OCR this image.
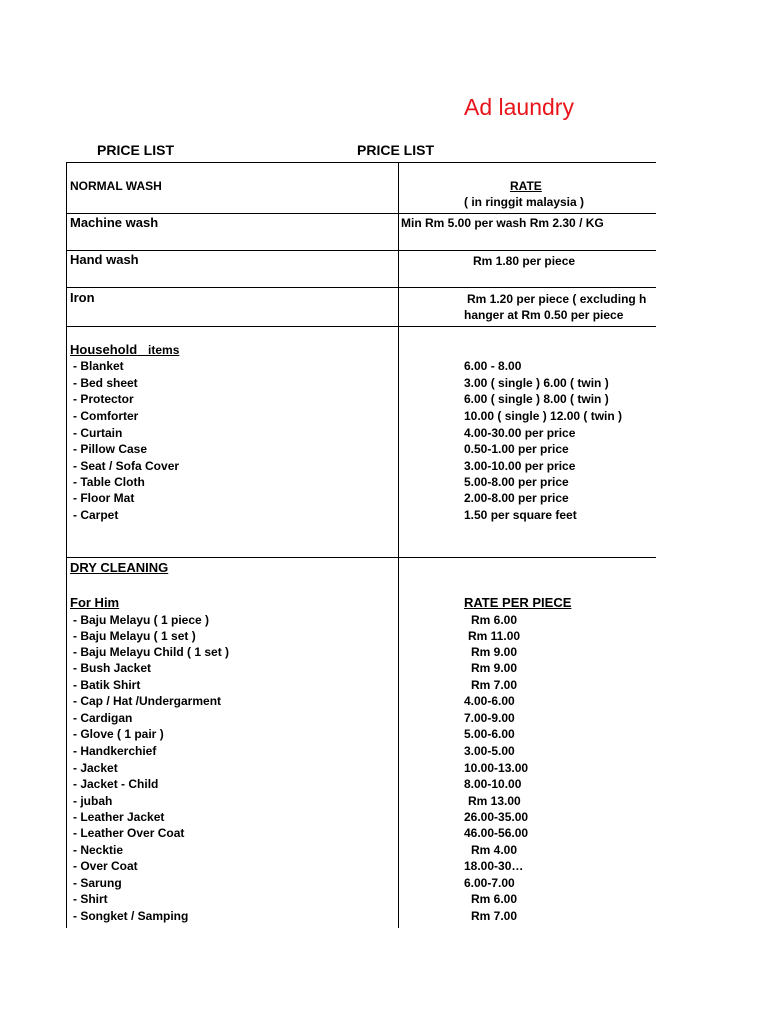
Ad laundry
PRICE LIST	PRICE LIST
NORMAL WASH	RATE
( in ringgit malaysia )
Machine wash	Min Rm 5.00 per wash Rm 2.30 / KG
Hand wash	Rm 1.80 per piece
Iron	Rm 1.20 per piece ( excluding h
hanger at Rm 0.50 per piece
Household items
- Blanket	6.00 - 8.00
- Bed sheet	3.00 ( single ) 6.00 ( twin )
- Protector	6.00 ( single ) 8.00 ( twin )
- Comforter	10.00 ( single ) 12.00 ( twin )
- Curtain	4.00-30.00 per price
- Pillow Case	0.50-1.00 per price
- Seat / Sofa Cover	3.00-10.00 per price
- Table Cloth	5.00-8.00 per price
- Floor Mat	2.00-8.00 per price
- Carpet	1.50 per square feet
DRY CLEANING
For Him	RATE PER PIECE
- Baju Melayu ( 1 piece )	Rm 6.00
- Baju Melayu ( 1 set )	Rm 11.00
- Baju Melayu Child ( 1 set )	Rm 9.00
- Bush Jacket	Rm 9.00
- Batik Shirt	Rm 7.00
- Cap / Hat /Undergarment	4.00-6.00
- Cardigan	7.00-9.00
- Glove ( 1 pair )	5.00-6.00
- Handkerchief	3.00-5.00
- Jacket	10.00-13.00
- Jacket - Child	8.00-10.00
- jubah	Rm 13.00
- Leather Jacket	26.00-35.00
- Leather Over Coat	46.00-56.00
- Necktie	Rm 4.00
- Over Coat	18.00-30…
- Sarung	6.00-7.00
- Shirt	Rm 6.00
- Songket / Samping	Rm 7.00
